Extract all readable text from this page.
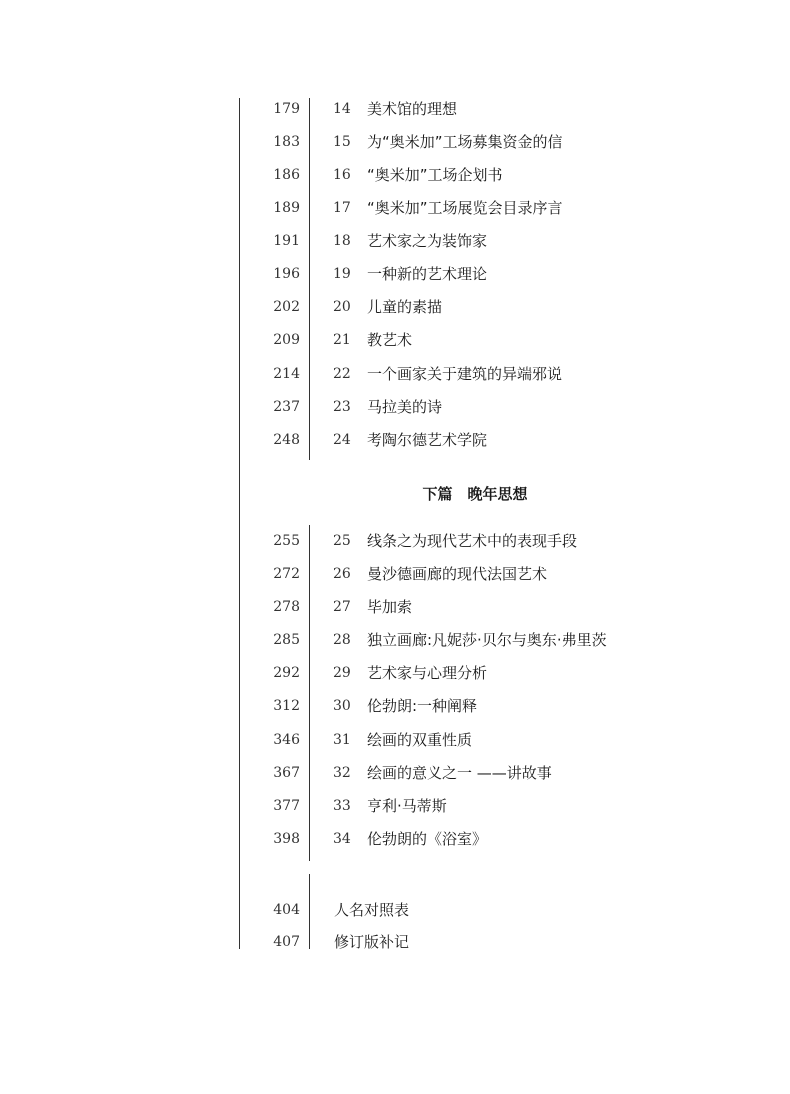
179 14 美术馆的理想
183 15 为“奥米加”工场募集资金的信
186 16 “奥米加”工场企划书
189 17 “奥米加”工场展览会目录序言
191 18 艺术家之为装饰家
196 19 一种新的艺术理论
202 20 儿童的素描
209 21 教艺术
214 22 一个画家关于建筑的异端邪说
237 23 马拉美的诗
248 24 考陶尔德艺术学院
下篇　晚年思想
255 25 线条之为现代艺术中的表现手段
272 26 曼沙德画廊的现代法国艺术
278 27 毕加索
285 28 独立画廊:凡妮莎·贝尔与奥东·弗里茨
292 29 艺术家与心理分析
312 30 伦勃朗:一种阐释
346 31 绘画的双重性质
367 32 绘画的意义之一 ——讲故事
377 33 亨利·马蒂斯
398 34 伦勃朗的《浴室》
404 人名对照表
407 修订版补记
